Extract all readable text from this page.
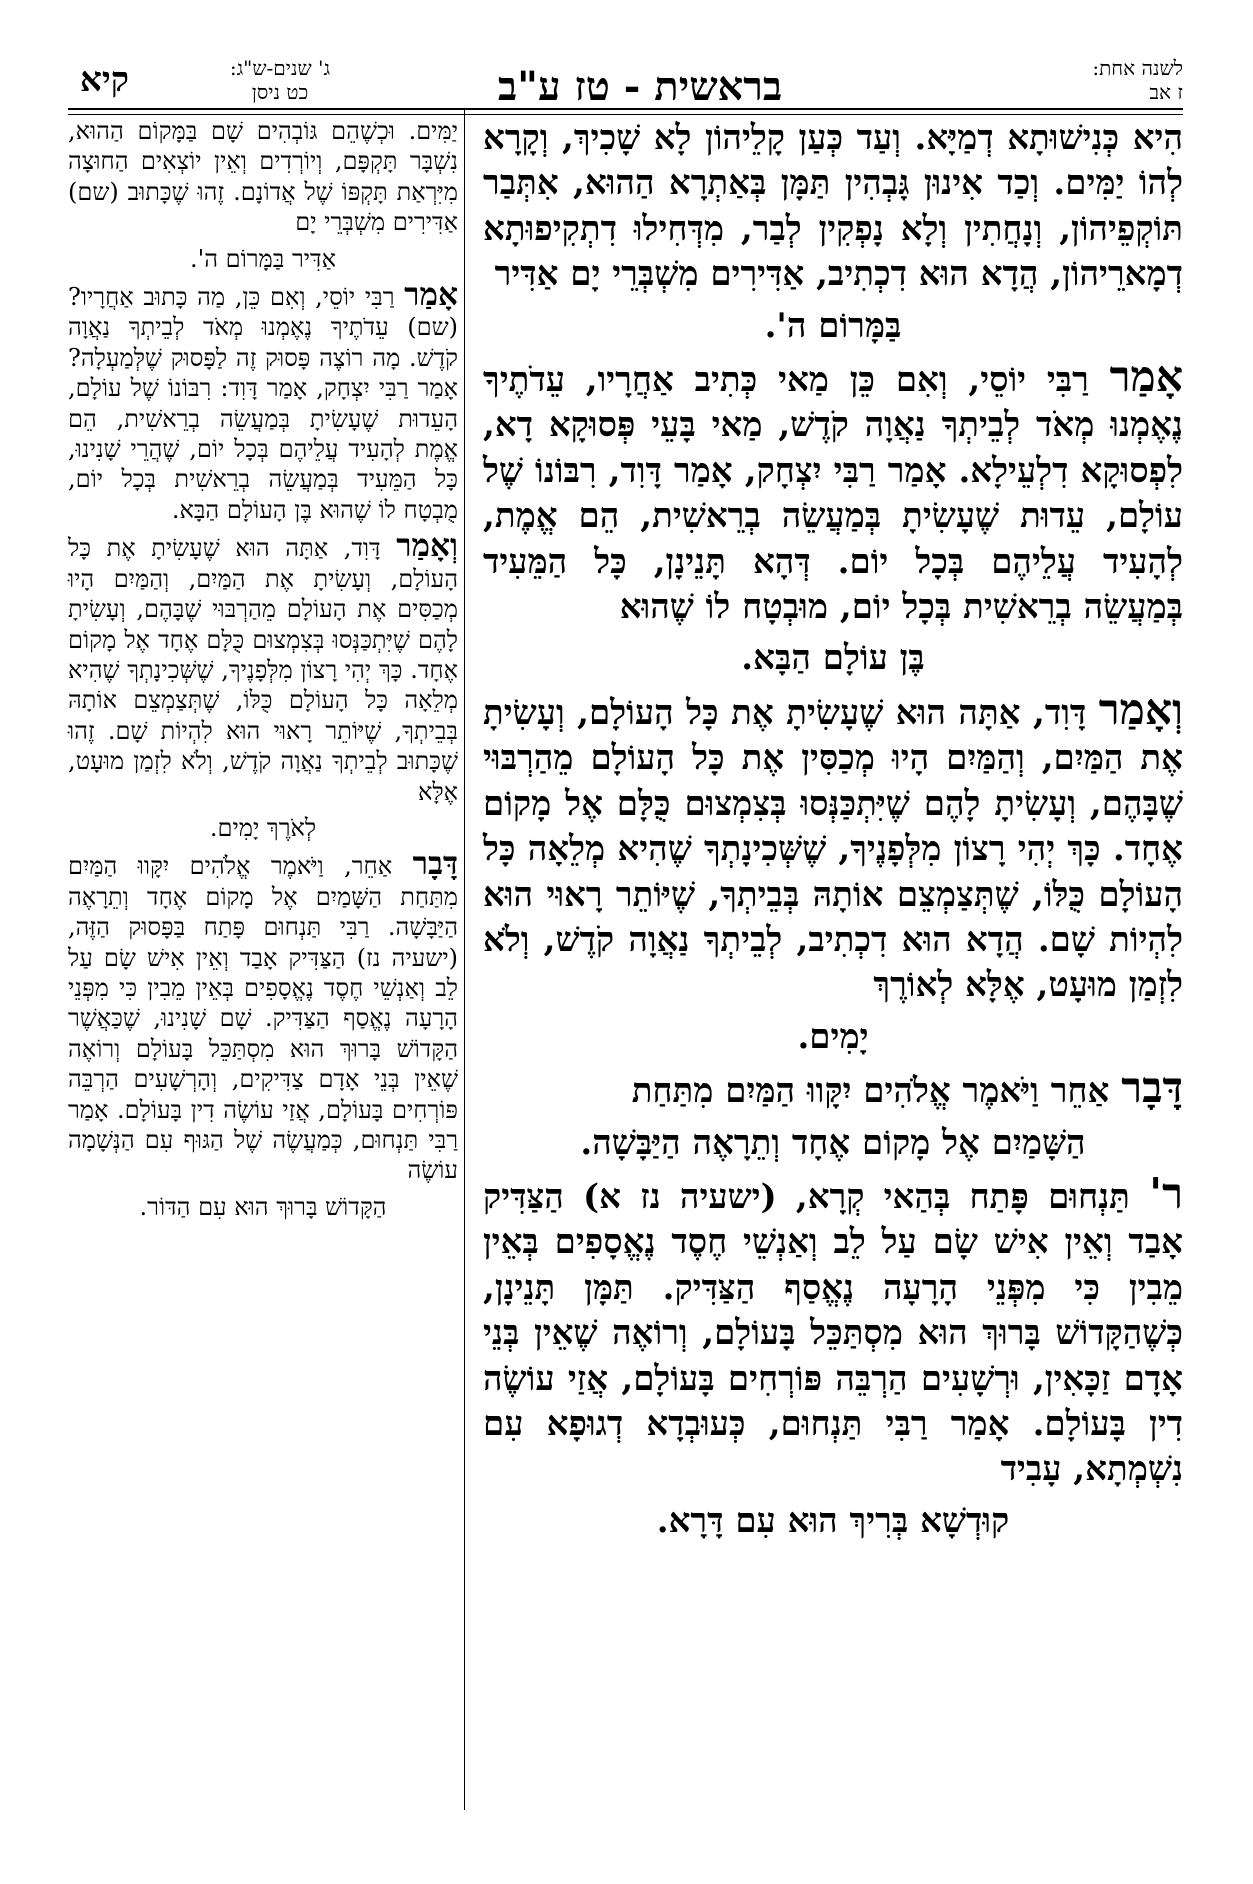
לשנה אחת:
ז אב
בראשית - טז ע"ב
ג' שנים-ש"ג:
כט ניסן
קיא

הִיא כְּנִישׁוּתָא דְמַיָּא. וְעַד כְּעַן קָלֵיהוֹן לָא שָׁכִיךְ, וְקָרָא לְהוֹ יַמִּים. וְכַד אִינוּן גָּבְהִין תַּמָּן בְּאַתְרָא הַהוּא, אִתְּבַר תּוֹקְפֵיהוֹן, וְנָחֲתִין וְלָא נָפְקִין לְבַר, מִדְּחִילוּ דִתְקִיפוּתָא דְמָארֵיהוֹן, הֲדָא הוּא דִכְתִיב, אַדִּירִים מִשְׁבְּרֵי יָם אַדִּיר

בַּמָּרוֹם ה'.

אָמַר רַבִּי יוֹסֵי, וְאִם כֵּן מַאי כְּתִיב אַחֲרָיו, עֵדֹתֶיךָ נֶאֶמְנוּ מְאֹד לְבֵיתְךָ נַאֲוָה קֹדֶשׁ, מַאי בָּעֵי פְּסוּקָא דָא, לִפְסוּקָא דִלְעֵילָא. אָמַר רַבִּי יִצְחָק, אָמַר דָּוִד, רִבּוֹנוֹ שֶׁל עוֹלָם, עֵדוּת שֶׁעָשִׂיתָ בְּמַעֲשֵׂה בְרֵאשִׁית, הֵם אֱמֶת, לְהָעִיד עֲלֵיהֶם בְּכָל יוֹם. דְּהָא תָּנֵינָן, כָּל הַמֵּעִיד בְּמַעֲשֵׂה בְרֵאשִׁית בְּכָל יוֹם, מוּבְטָח לוֹ שֶׁהוּא

בֶּן עוֹלָם הַבָּא.

וְאָמַר דָּוִד, אַתָּה הוּא שֶׁעָשִׂיתָ אֶת כָּל הָעוֹלָם, וְעָשִׂיתָ אֶת הַמַּיִם, וְהַמַּיִם הָיוּ מְכַסִּין אֶת כָּל הָעוֹלָם מֵהַרְבּוּי שֶׁבָּהֶם, וְעָשִׂיתָ לָהֶם שֶׁיִּתְכַּנְּסוּ בְּצִמְצוּם כֻּלָּם אֶל מָקוֹם אֶחָד. כָּךְ יְהִי רָצוֹן מִלְּפָנֶיךָ, שֶׁשְּׁכִינָתְךָ שֶׁהִיא מְלֵאָה כָּל הָעוֹלָם כֻּלּוֹ, שֶׁתְּצַמְצֵם אוֹתָהּ בְּבֵיתְךָ, שֶׁיּוֹתֵר רָאוּי הוּא לִהְיוֹת שָׁם. הֲדָא הוּא דִכְתִיב, לְבֵיתְךָ נַאֲוָה קֹדֶשׁ, וְלֹא לִזְמַן מוּעָט, אֶלָּא לְאוֹרֶךְ

יָמִים.

דָּבָר אַחֵר וַיֹּאמֶר אֱלֹהִים יִקָּווּ הַמַּיִם מִתַּחַת

הַשָּׁמַיִם אֶל מָקוֹם אֶחָד וְתֵרָאֶה הַיַּבָּשָׁה.

ר' תַּנְחוּם פָּתַח בְּהַאי קְרָא, (ישעיה נז א) הַצַּדִּיק אָבַד וְאֵין אִישׁ שָׂם עַל לֵב וְאַנְשֵׁי חֶסֶד נֶאֱסָפִים בְּאֵין מֵבִין כִּי מִפְּנֵי הָרָעָה נֶאֱסַף הַצַּדִּיק. תַּמָּן תָּנֵינָן, כְּשֶׁהַקָּדוֹשׁ בָּרוּךְ הוּא מִסְתַּכֵּל בָּעוֹלָם, וְרוֹאֶה שֶׁאֵין בְּנֵי אָדָם זַכָּאִין, וּרְשָׁעִים הַרְבֵּה פּוֹרְחִים בָּעוֹלָם, אֲזַי עוֹשֶׂה דִין בָּעוֹלָם. אָמַר רַבִּי תַּנְחוּם, כְּעוּבְדָא דְגוּפָא עִם נִשְׁמְתָא, עָבִיד

קוּדְשָׁא בְּרִיךְ הוּא עִם דָּרָא.

יַמִּים. וּכְשֶׁהֵם גּוֹבְהִים שָׁם בַּמָּקוֹם הַהוּא, נִשְׁבָּר תָּקְפָּם, וְיוֹרְדִים וְאֵין יוֹצְאִים הַחוּצָה מִיִּרְאַת תָּקְפּוֹ שֶׁל אֲדוֹנָם. זֶהוּ שֶׁכָּתוּב (שם) אַדִּירִים מִשְׁבְּרֵי יָם

אַדִּיר בַּמָּרוֹם ה'.

אָמַר רַבִּי יוֹסֵי, וְאִם כֵּן, מַה כָּתוּב אַחֲרָיו? (שם) עֵדֹתֶיךָ נֶאֶמְנוּ מְאֹד לְבֵיתְךָ נַאֲוָה קֹדֶשׁ. מָה רוֹצֶה פָּסוּק זֶה לַפָּסוּק שֶׁלְּמַעְלָה? אָמַר רַבִּי יִצְחָק, אָמַר דָּוִד: רִבּוֹנוֹ שֶׁל עוֹלָם, הָעֵדוּת שֶׁעָשִׂיתָ בְּמַעֲשֵׂה בְרֵאשִׁית, הֵם אֱמֶת לְהָעִיד עֲלֵיהֶם בְּכָל יוֹם, שֶׁהֲרֵי שָׁנִינוּ, כָּל הַמֵּעִיד בְּמַעֲשֵׂה בְרֵאשִׁית בְּכָל יוֹם, מֻבְטָח לוֹ שֶׁהוּא בֶּן הָעוֹלָם הַבָּא.

וְאָמַר דָּוִד, אַתָּה הוּא שֶׁעָשִׂיתָ אֶת כָּל הָעוֹלָם, וְעָשִׂיתָ אֶת הַמַּיִם, וְהַמַּיִם הָיוּ מְכַסִּים אֶת הָעוֹלָם מֵהַרְבּוּי שֶׁבָּהֶם, וְעָשִׂיתָ לָהֶם שֶׁיִּתְכַּנְּסוּ בְּצִמְצוּם כֻּלָּם אֶחָד אֶל מָקוֹם אֶחָד. כָּךְ יְהִי רָצוֹן מִלְּפָנֶיךָ, שֶׁשְּׁכִינָתְךָ שֶׁהִיא מְלֵאָה כָּל הָעוֹלָם כֻּלּוֹ, שֶׁתְּצַמְצֵם אוֹתָהּ בְּבֵיתְךָ, שֶׁיּוֹתֵר רָאוּי הוּא לִהְיוֹת שָׁם. זֶהוּ שֶׁכָּתוּב לְבֵיתְךָ נַאֲוָה קֹדֶשׁ, וְלֹא לִזְמַן מוּעָט, אֶלָּא

לְאֹרֶךְ יָמִים.

דָּבָר אַחֵר, וַיֹּאמֶר אֱלֹהִים יִקָּווּ הַמַּיִם מִתַּחַת הַשָּׁמַיִם אֶל מָקוֹם אֶחָד וְתֵרָאֶה הַיַּבָּשָׁה. רַבִּי תַּנְחוּם פָּתַח בַּפָּסוּק הַזֶּה, (ישעיה נז) הַצַּדִּיק אָבַד וְאֵין אִישׁ שָׂם עַל לֵב וְאַנְשֵׁי חֶסֶד נֶאֱסָפִים בְּאֵין מֵבִין כִּי מִפְּנֵי הָרָעָה נֶאֱסַף הַצַּדִּיק. שָׁם שָׁנִינוּ, שֶׁכַּאֲשֶׁר הַקָּדוֹשׁ בָּרוּךְ הוּא מִסְתַּכֵּל בָּעוֹלָם וְרוֹאֶה שֶׁאֵין בְּנֵי אָדָם צַדִּיקִים, וְהָרְשָׁעִים הַרְבֵּה פּוֹרְחִים בָּעוֹלָם, אֲזַי עוֹשֶׂה דִין בָּעוֹלָם. אָמַר רַבִּי תַּנְחוּם, כְּמַעֲשֶׂה שֶׁל הַגּוּף עִם הַנְּשָׁמָה עוֹשֶׂה

הַקָּדוֹשׁ בָּרוּךְ הוּא עִם הַדּוֹר.
